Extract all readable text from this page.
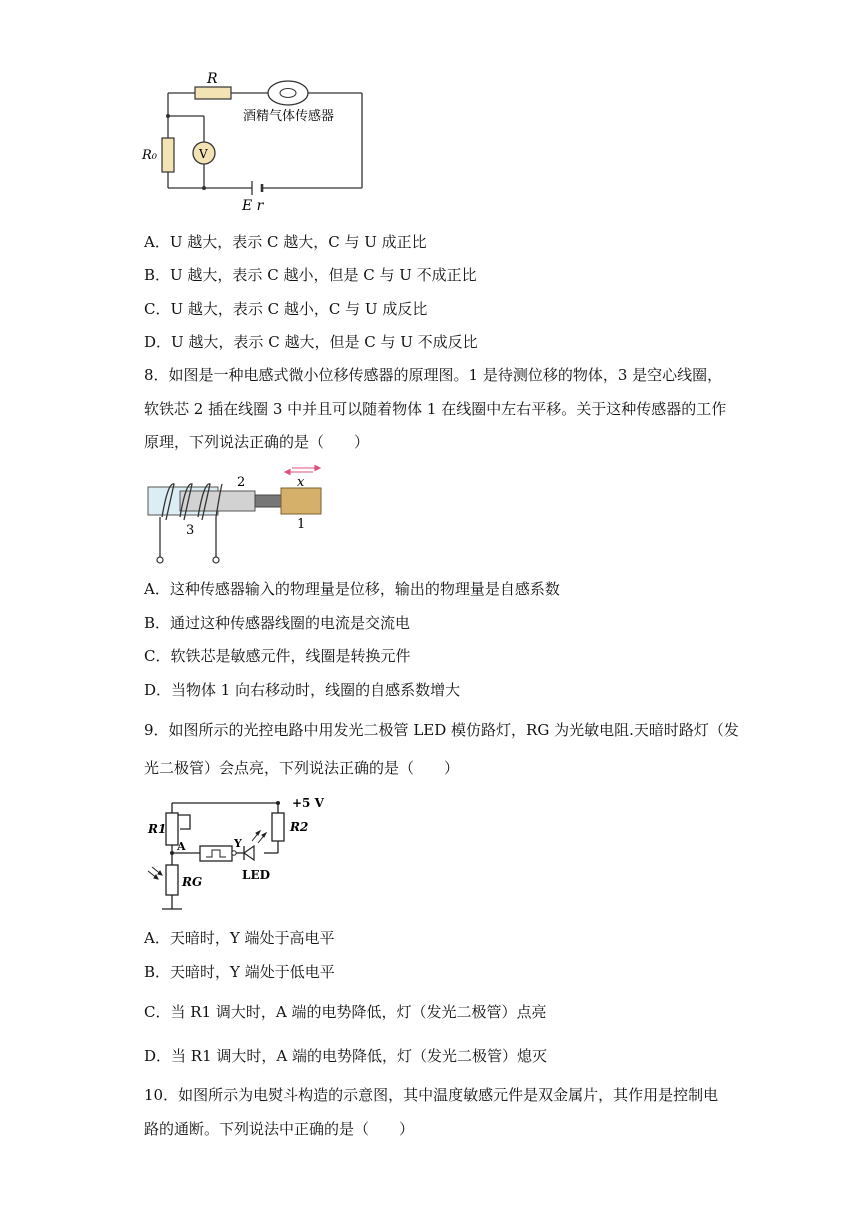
R
R₀	V
酒精气体传感器
E r
A．U 越大，表示 C 越大，C 与 U 成正比
B．U 越大，表示 C 越小，但是 C 与 U 不成正比
C．U 越大，表示 C 越小，C 与 U 成反比
D．U 越大，表示 C 越大，但是 C 与 U 不成反比
8．如图是一种电感式微小位移传感器的原理图。1 是待测位移的物体，3 是空心线圈，
软铁芯 2 插在线圈 3 中并且可以随着物体 1 在线圈中左右平移。关于这种传感器的工作
原理，下列说法正确的是（　　）
x
2
1
3
A．这种传感器输入的物理量是位移，输出的物理量是自感系数
B．通过这种传感器线圈的电流是交流电
C．软铁芯是敏感元件，线圈是转换元件
D．当物体 1 向右移动时，线圈的自感系数增大
9．如图所示的光控电路中用发光二极管 LED 模仿路灯，RG 为光敏电阻.天暗时路灯（发
光二极管）会点亮，下列说法正确的是（　　）
+5 V
R1	R2
RG
A	Y
LED
A．天暗时，Y 端处于高电平
B．天暗时，Y 端处于低电平
C．当 R1 调大时，A 端的电势降低，灯（发光二极管）点亮
D．当 R1 调大时，A 端的电势降低，灯（发光二极管）熄灭
10．如图所示为电熨斗构造的示意图，其中温度敏感元件是双金属片，其作用是控制电
路的通断。下列说法中正确的是（　　）
